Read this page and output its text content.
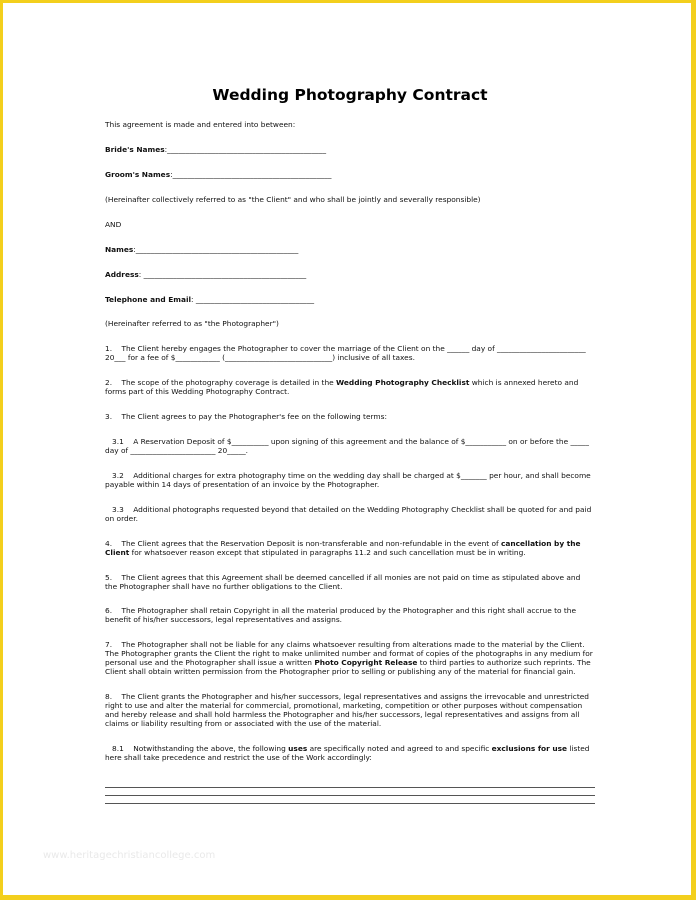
Wedding Photography Contract

This agreement is made and entered into between:

Bride's Names:___________________________________________

Groom's Names:___________________________________________

(Hereinafter collectively referred to as "the Client" and who shall be jointly and severally responsible)

AND

Names:____________________________________________

Address: ____________________________________________

Telephone and Email: ________________________________

(Hereinafter referred to as "the Photographer")

1.    The Client hereby engages the Photographer to cover the marriage of the Client on the ______ day of ________________________ 20___ for a fee of $____________ (_____________________________) inclusive of all taxes.

2.    The scope of the photography coverage is detailed in the Wedding Photography Checklist which is annexed hereto and forms part of this Wedding Photography Contract.

3.    The Client agrees to pay the Photographer's fee on the following terms:

3.1    A Reservation Deposit of $__________ upon signing of this agreement and the balance of $___________ on or before the _____ day of _______________________ 20_____.

3.2    Additional charges for extra photography time on the wedding day shall be charged at $_______ per hour, and shall become payable within 14 days of presentation of an invoice by the Photographer.

3.3    Additional photographs requested beyond that detailed on the Wedding Photography Checklist shall be quoted for and paid on order.

4.    The Client agrees that the Reservation Deposit is non-transferable and non-refundable in the event of cancellation by the Client for whatsoever reason except that stipulated in paragraphs 11.2 and such cancellation must be in writing.

5.    The Client agrees that this Agreement shall be deemed cancelled if all monies are not paid on time as stipulated above and the Photographer shall have no further obligations to the Client.

6.    The Photographer shall retain Copyright in all the material produced by the Photographer and this right shall accrue to the benefit of his/her successors, legal representatives and assigns.

7.    The Photographer shall not be liable for any claims whatsoever resulting from alterations made to the material by the Client. The Photographer grants the Client the right to make unlimited number and format of copies of the photographs in any medium for personal use and the Photographer shall issue a written Photo Copyright Release to third parties to authorize such reprints. The Client shall obtain written permission from the Photographer prior to selling or publishing any of the material for financial gain.

8.    The Client grants the Photographer and his/her successors, legal representatives and assigns the irrevocable and unrestricted right to use and alter the material for commercial, promotional, marketing, competition or other purposes without compensation and hereby release and shall hold harmless the Photographer and his/her successors, legal representatives and assigns from all claims or liability resulting from or associated with the use of the material.

8.1    Notwithstanding the above, the following uses are specifically noted and agreed to and specific exclusions for use listed here shall take precedence and restrict the use of the Work accordingly:

www.heritagechristiancollege.com
